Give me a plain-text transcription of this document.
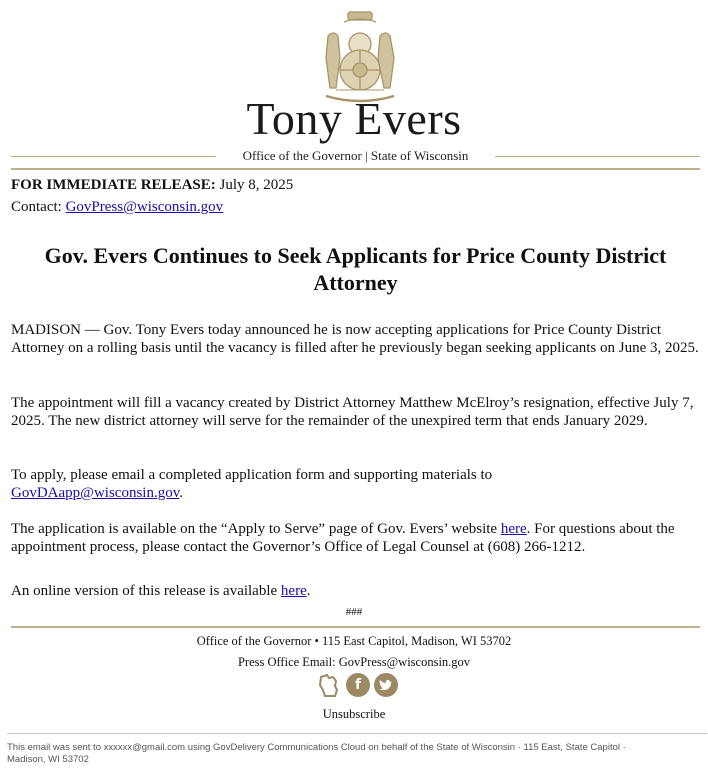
Tony Evers
Office of the Governor | State of Wisconsin
FOR IMMEDIATE RELEASE: July 8, 2025
Contact: GovPress@wisconsin.gov
Gov. Evers Continues to Seek Applicants for Price County District Attorney
MADISON — Gov. Tony Evers today announced he is now accepting applications for Price County District Attorney on a rolling basis until the vacancy is filled after he previously began seeking applicants on June 3, 2025.
The appointment will fill a vacancy created by District Attorney Matthew McElroy’s resignation, effective July 7, 2025. The new district attorney will serve for the remainder of the unexpired term that ends January 2029.
To apply, please email a completed application form and supporting materials to
GovDAapp@wisconsin.gov.
The application is available on the “Apply to Serve” page of Gov. Evers’ website here. For questions about the appointment process, please contact the Governor’s Office of Legal Counsel at (608) 266-1212.
An online version of this release is available here.
###
Office of the Governor • 115 East Capitol, Madison, WI 53702
Press Office Email: GovPress@wisconsin.gov
f
Unsubscribe
This email was sent to xxxxxx@gmail.com using GovDelivery Communications Cloud on behalf of the State of Wisconsin · 115 East, State Capitol · Madison, WI 53702
